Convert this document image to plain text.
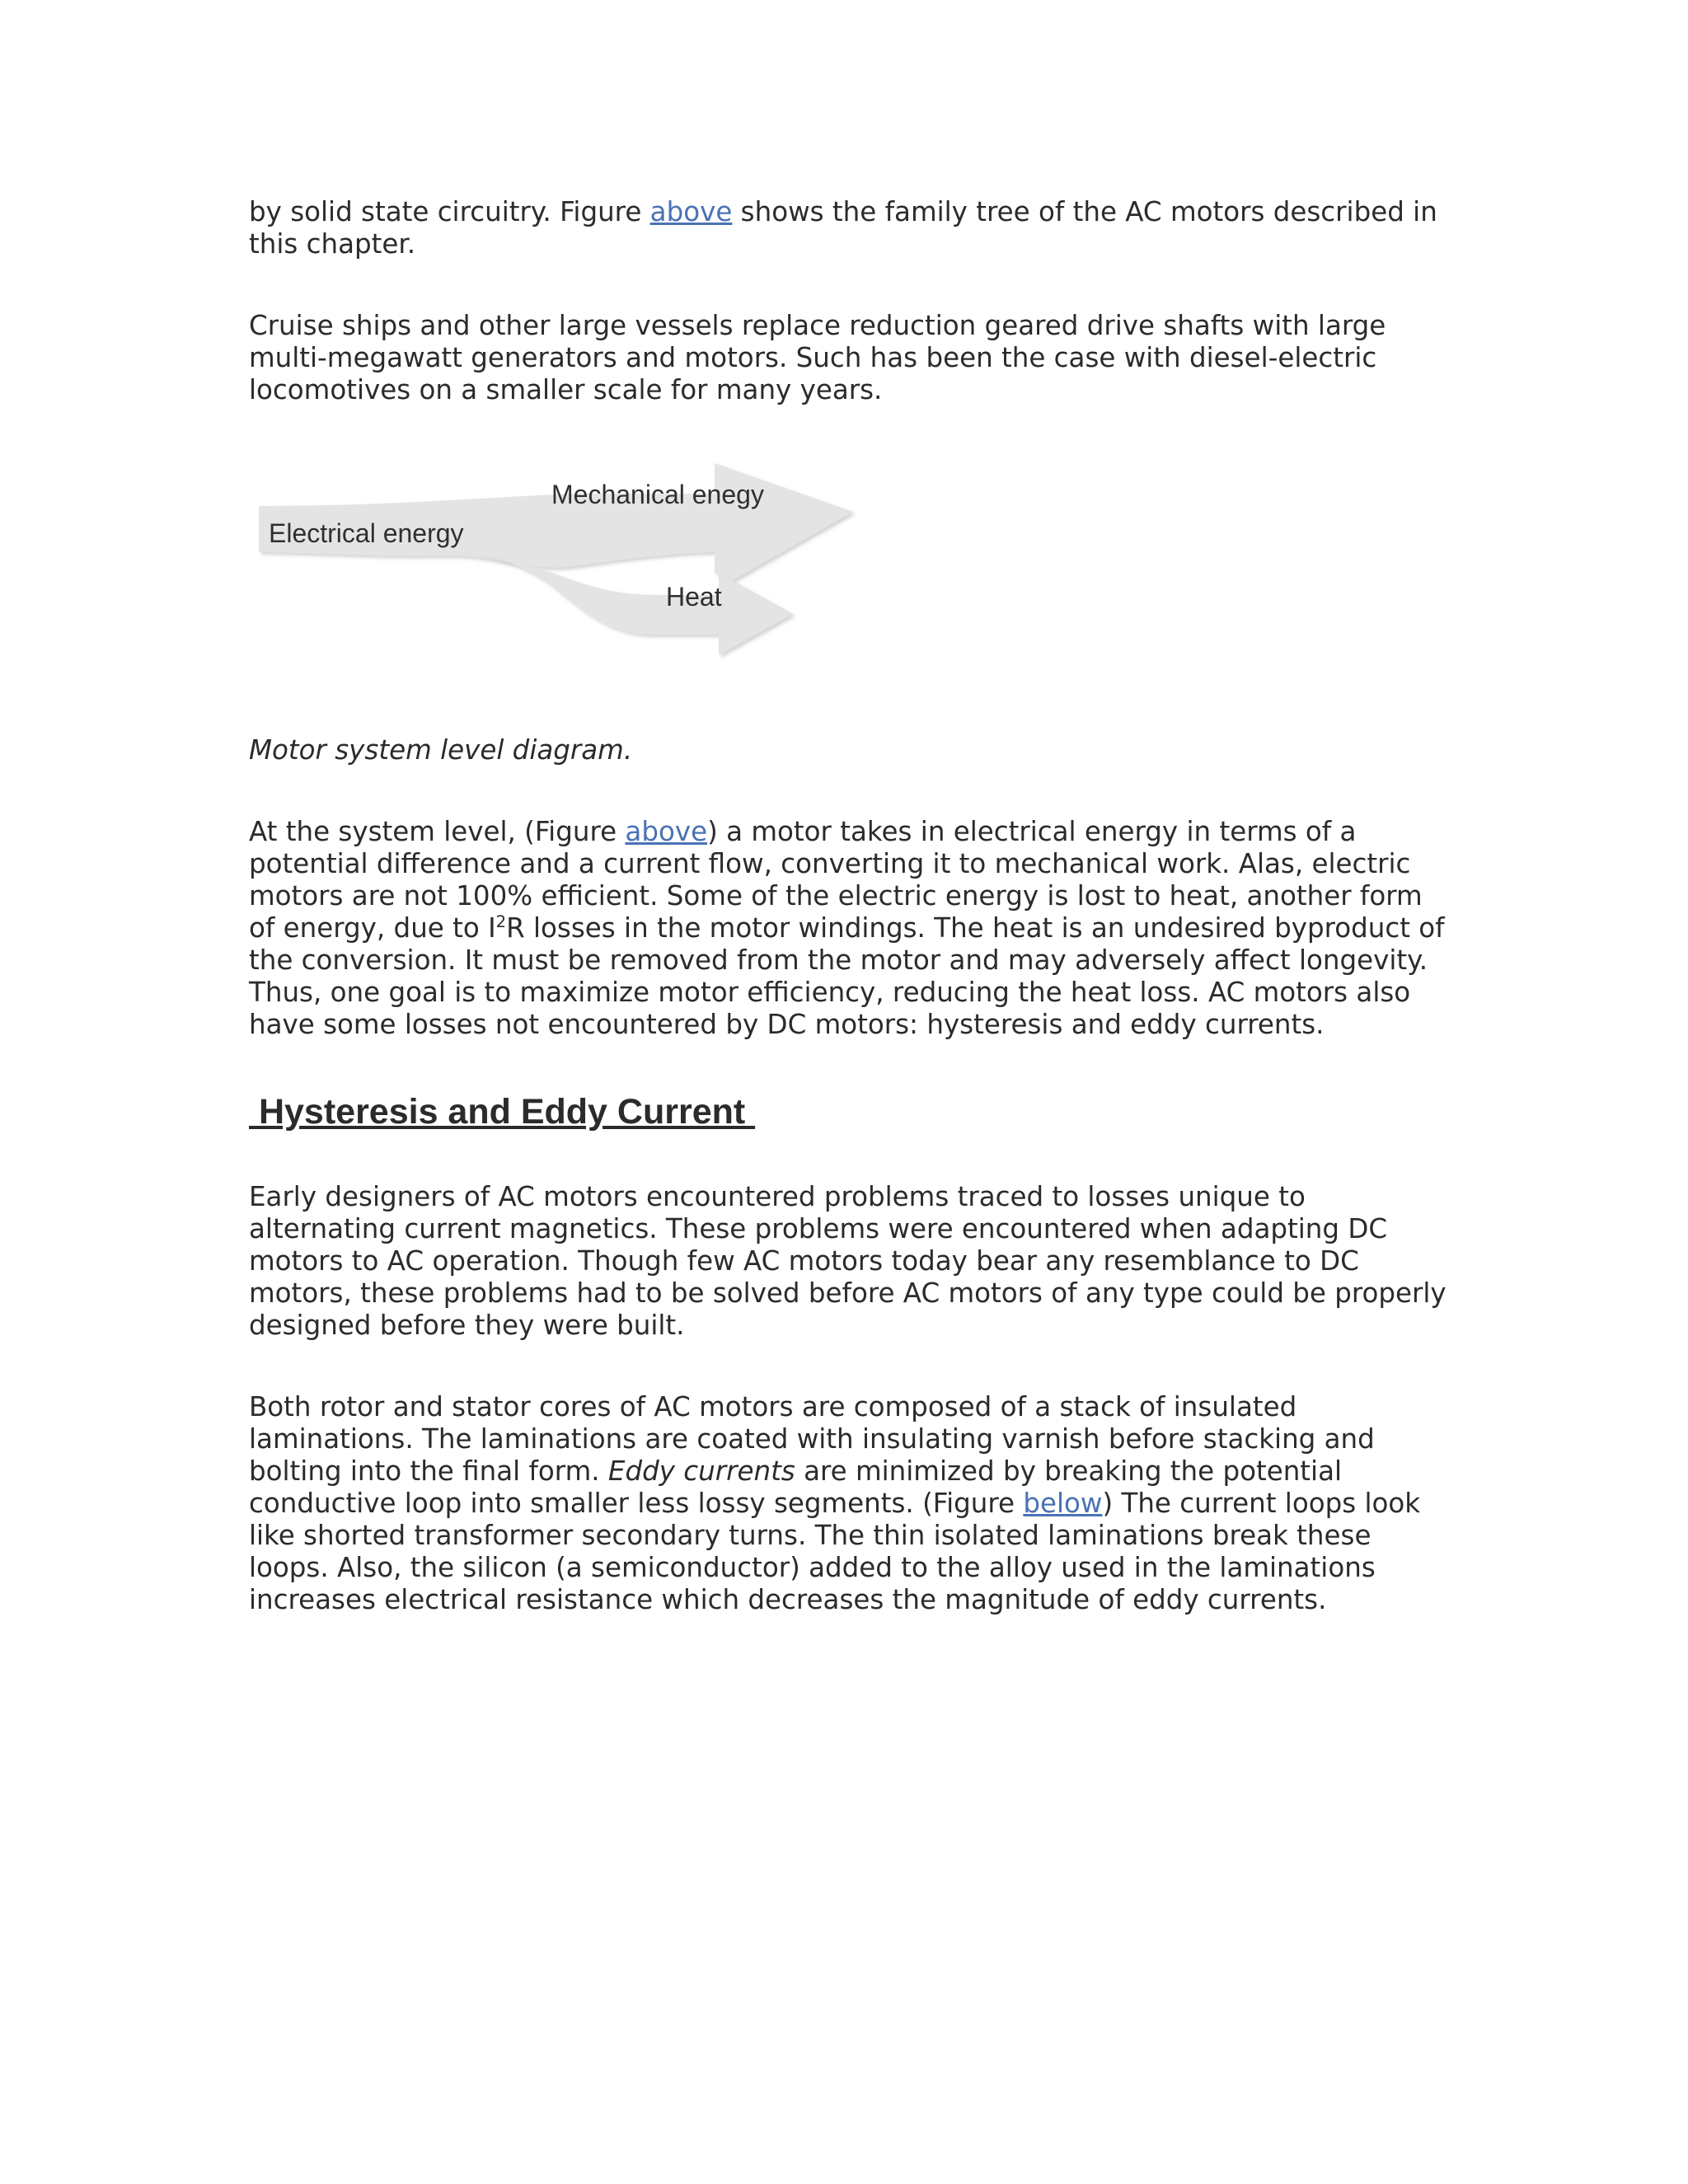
by solid state circuitry. Figure above shows the family tree of the AC motors described in this chapter.

Cruise ships and other large vessels replace reduction geared drive shafts with large multi-megawatt generators and motors. Such has been the case with diesel-electric locomotives on a smaller scale for many years.

Electrical energy
Mechanical enegy
Heat

Motor system level diagram.

At the system level, (Figure above) a motor takes in electrical energy in terms of a potential difference and a current flow, converting it to mechanical work. Alas, electric motors are not 100% efficient. Some of the electric energy is lost to heat, another form of energy, due to $I^2R$ losses in the motor windings. The heat is an undesired byproduct of the conversion. It must be removed from the motor and may adversely affect longevity. Thus, one goal is to maximize motor efficiency, reducing the heat loss. AC motors also have some losses not encountered by DC motors: hysteresis and eddy currents.

Hysteresis and Eddy Current

Early designers of AC motors encountered problems traced to losses unique to alternating current magnetics. These problems were encountered when adapting DC motors to AC operation. Though few AC motors today bear any resemblance to DC motors, these problems had to be solved before AC motors of any type could be properly designed before they were built.

Both rotor and stator cores of AC motors are composed of a stack of insulated laminations. The laminations are coated with insulating varnish before stacking and bolting into the final form. Eddy currents are minimized by breaking the potential conductive loop into smaller less lossy segments. (Figure below) The current loops look like shorted transformer secondary turns. The thin isolated laminations break these loops. Also, the silicon (a semiconductor) added to the alloy used in the laminations increases electrical resistance which decreases the magnitude of eddy currents.
